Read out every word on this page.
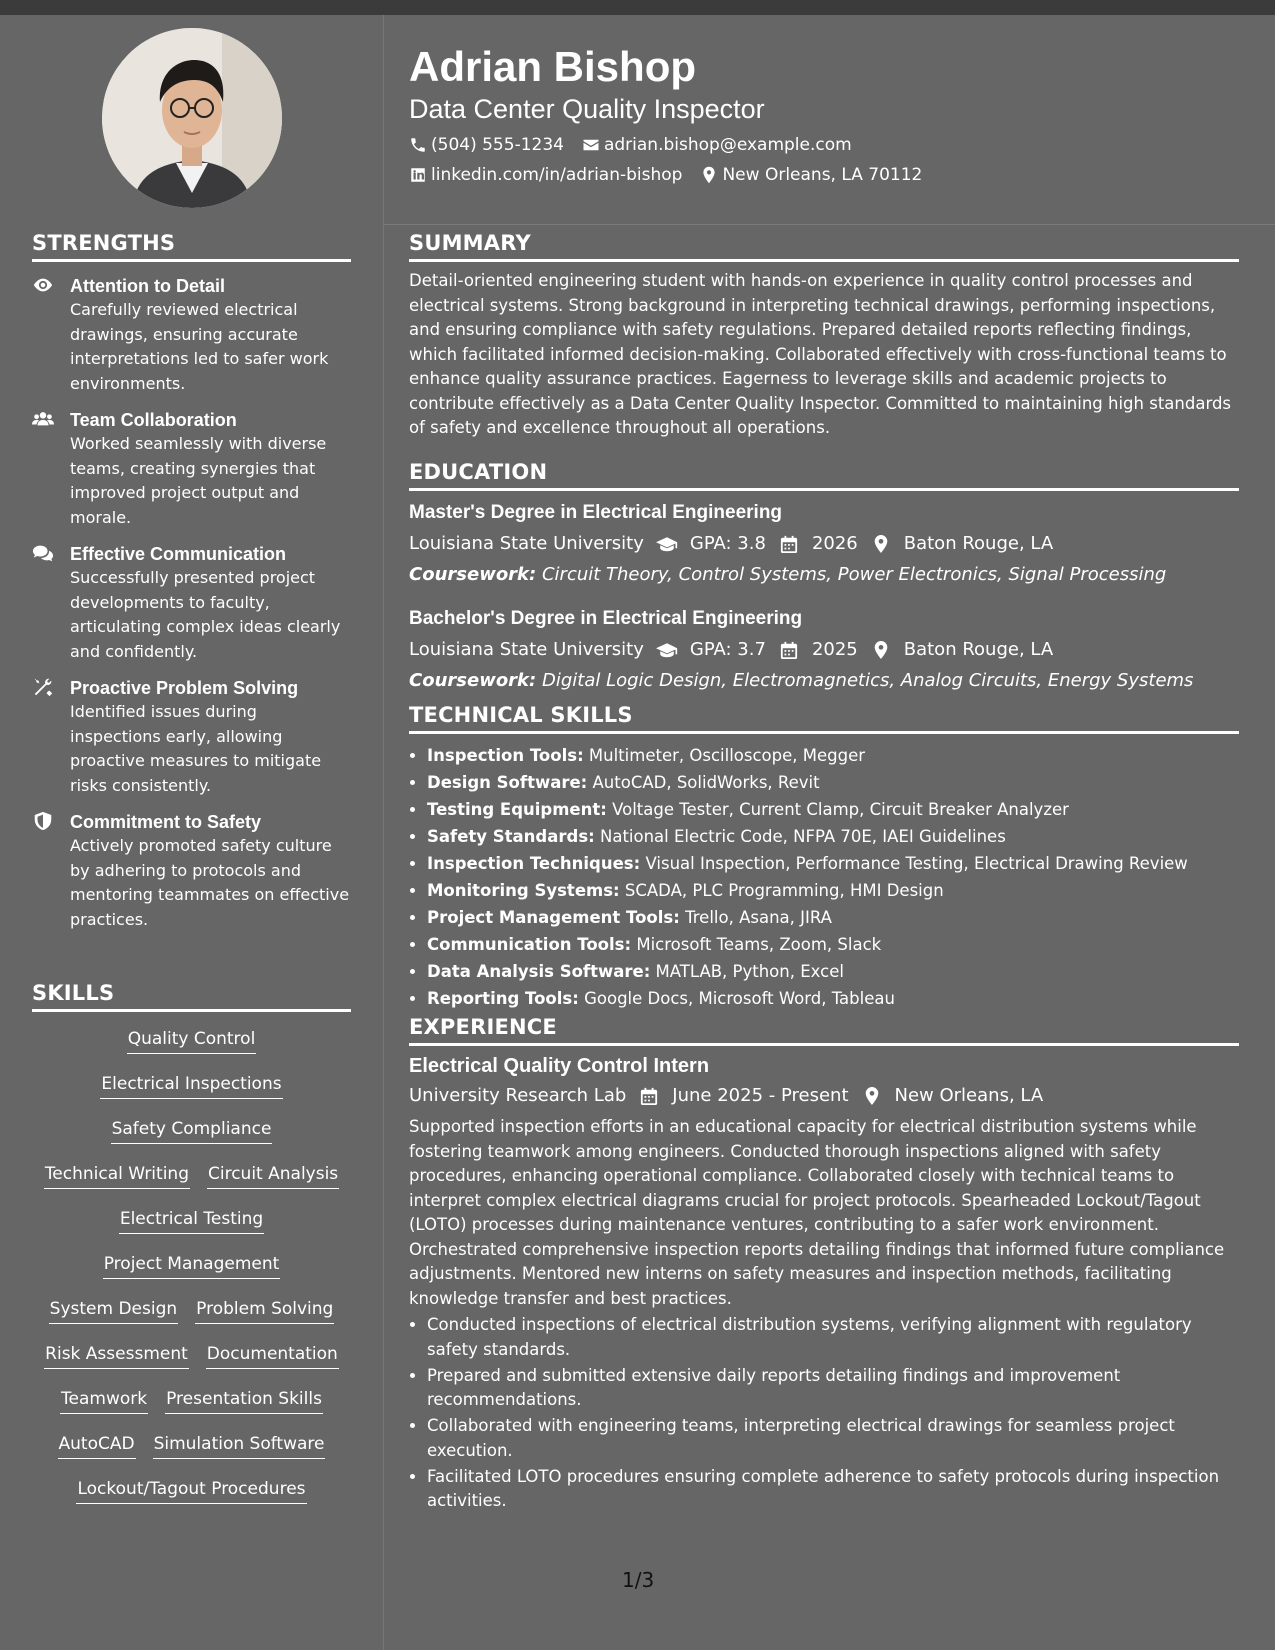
STRENGTHS
Attention to Detail
Carefully reviewed electrical drawings, ensuring accurate interpretations led to safer work environments.
Team Collaboration
Worked seamlessly with diverse teams, creating synergies that improved project output and morale.
Effective Communication
Successfully presented project developments to faculty, articulating complex ideas clearly and confidently.
Proactive Problem Solving
Identified issues during inspections early, allowing proactive measures to mitigate risks consistently.
Commitment to Safety
Actively promoted safety culture by adhering to protocols and mentoring teammates on effective practices.
SKILLS
Quality Control
Electrical Inspections
Safety Compliance
Technical Writing Circuit Analysis
Electrical Testing
Project Management
System Design Problem Solving
Risk Assessment Documentation
Teamwork Presentation Skills
AutoCAD Simulation Software
Lockout/Tagout Procedures
Adrian Bishop
Data Center Quality Inspector
(504) 555-1234 adrian.bishop@example.com
linkedin.com/in/adrian-bishop New Orleans, LA 70112
SUMMARY
Detail-oriented engineering student with hands-on experience in quality control processes and electrical systems. Strong background in interpreting technical drawings, performing inspections, and ensuring compliance with safety regulations. Prepared detailed reports reflecting findings, which facilitated informed decision-making. Collaborated effectively with cross-functional teams to enhance quality assurance practices. Eagerness to leverage skills and academic projects to contribute effectively as a Data Center Quality Inspector. Committed to maintaining high standards of safety and excellence throughout all operations.
EDUCATION
Master's Degree in Electrical Engineering
Louisiana State University	GPA: 3.8	2026	Baton Rouge, LA
Coursework: Circuit Theory, Control Systems, Power Electronics, Signal Processing
Bachelor's Degree in Electrical Engineering
Louisiana State University	GPA: 3.7	2025	Baton Rouge, LA
Coursework: Digital Logic Design, Electromagnetics, Analog Circuits, Energy Systems
TECHNICAL SKILLS
• Inspection Tools: Multimeter, Oscilloscope, Megger
• Design Software: AutoCAD, SolidWorks, Revit
• Testing Equipment: Voltage Tester, Current Clamp, Circuit Breaker Analyzer
• Safety Standards: National Electric Code, NFPA 70E, IAEI Guidelines
• Inspection Techniques: Visual Inspection, Performance Testing, Electrical Drawing Review
• Monitoring Systems: SCADA, PLC Programming, HMI Design
• Project Management Tools: Trello, Asana, JIRA
• Communication Tools: Microsoft Teams, Zoom, Slack
• Data Analysis Software: MATLAB, Python, Excel
• Reporting Tools: Google Docs, Microsoft Word, Tableau
EXPERIENCE
Electrical Quality Control Intern
University Research Lab	June 2025 - Present	New Orleans, LA
Supported inspection efforts in an educational capacity for electrical distribution systems while fostering teamwork among engineers. Conducted thorough inspections aligned with safety procedures, enhancing operational compliance. Collaborated closely with technical teams to interpret complex electrical diagrams crucial for project protocols. Spearheaded Lockout/Tagout (LOTO) processes during maintenance ventures, contributing to a safer work environment. Orchestrated comprehensive inspection reports detailing findings that informed future compliance adjustments. Mentored new interns on safety measures and inspection methods, facilitating knowledge transfer and best practices.
• Conducted inspections of electrical distribution systems, verifying alignment with regulatory safety standards.
• Prepared and submitted extensive daily reports detailing findings and improvement recommendations.
• Collaborated with engineering teams, interpreting electrical drawings for seamless project execution.
• Facilitated LOTO procedures ensuring complete adherence to safety protocols during inspection activities.
1/3
